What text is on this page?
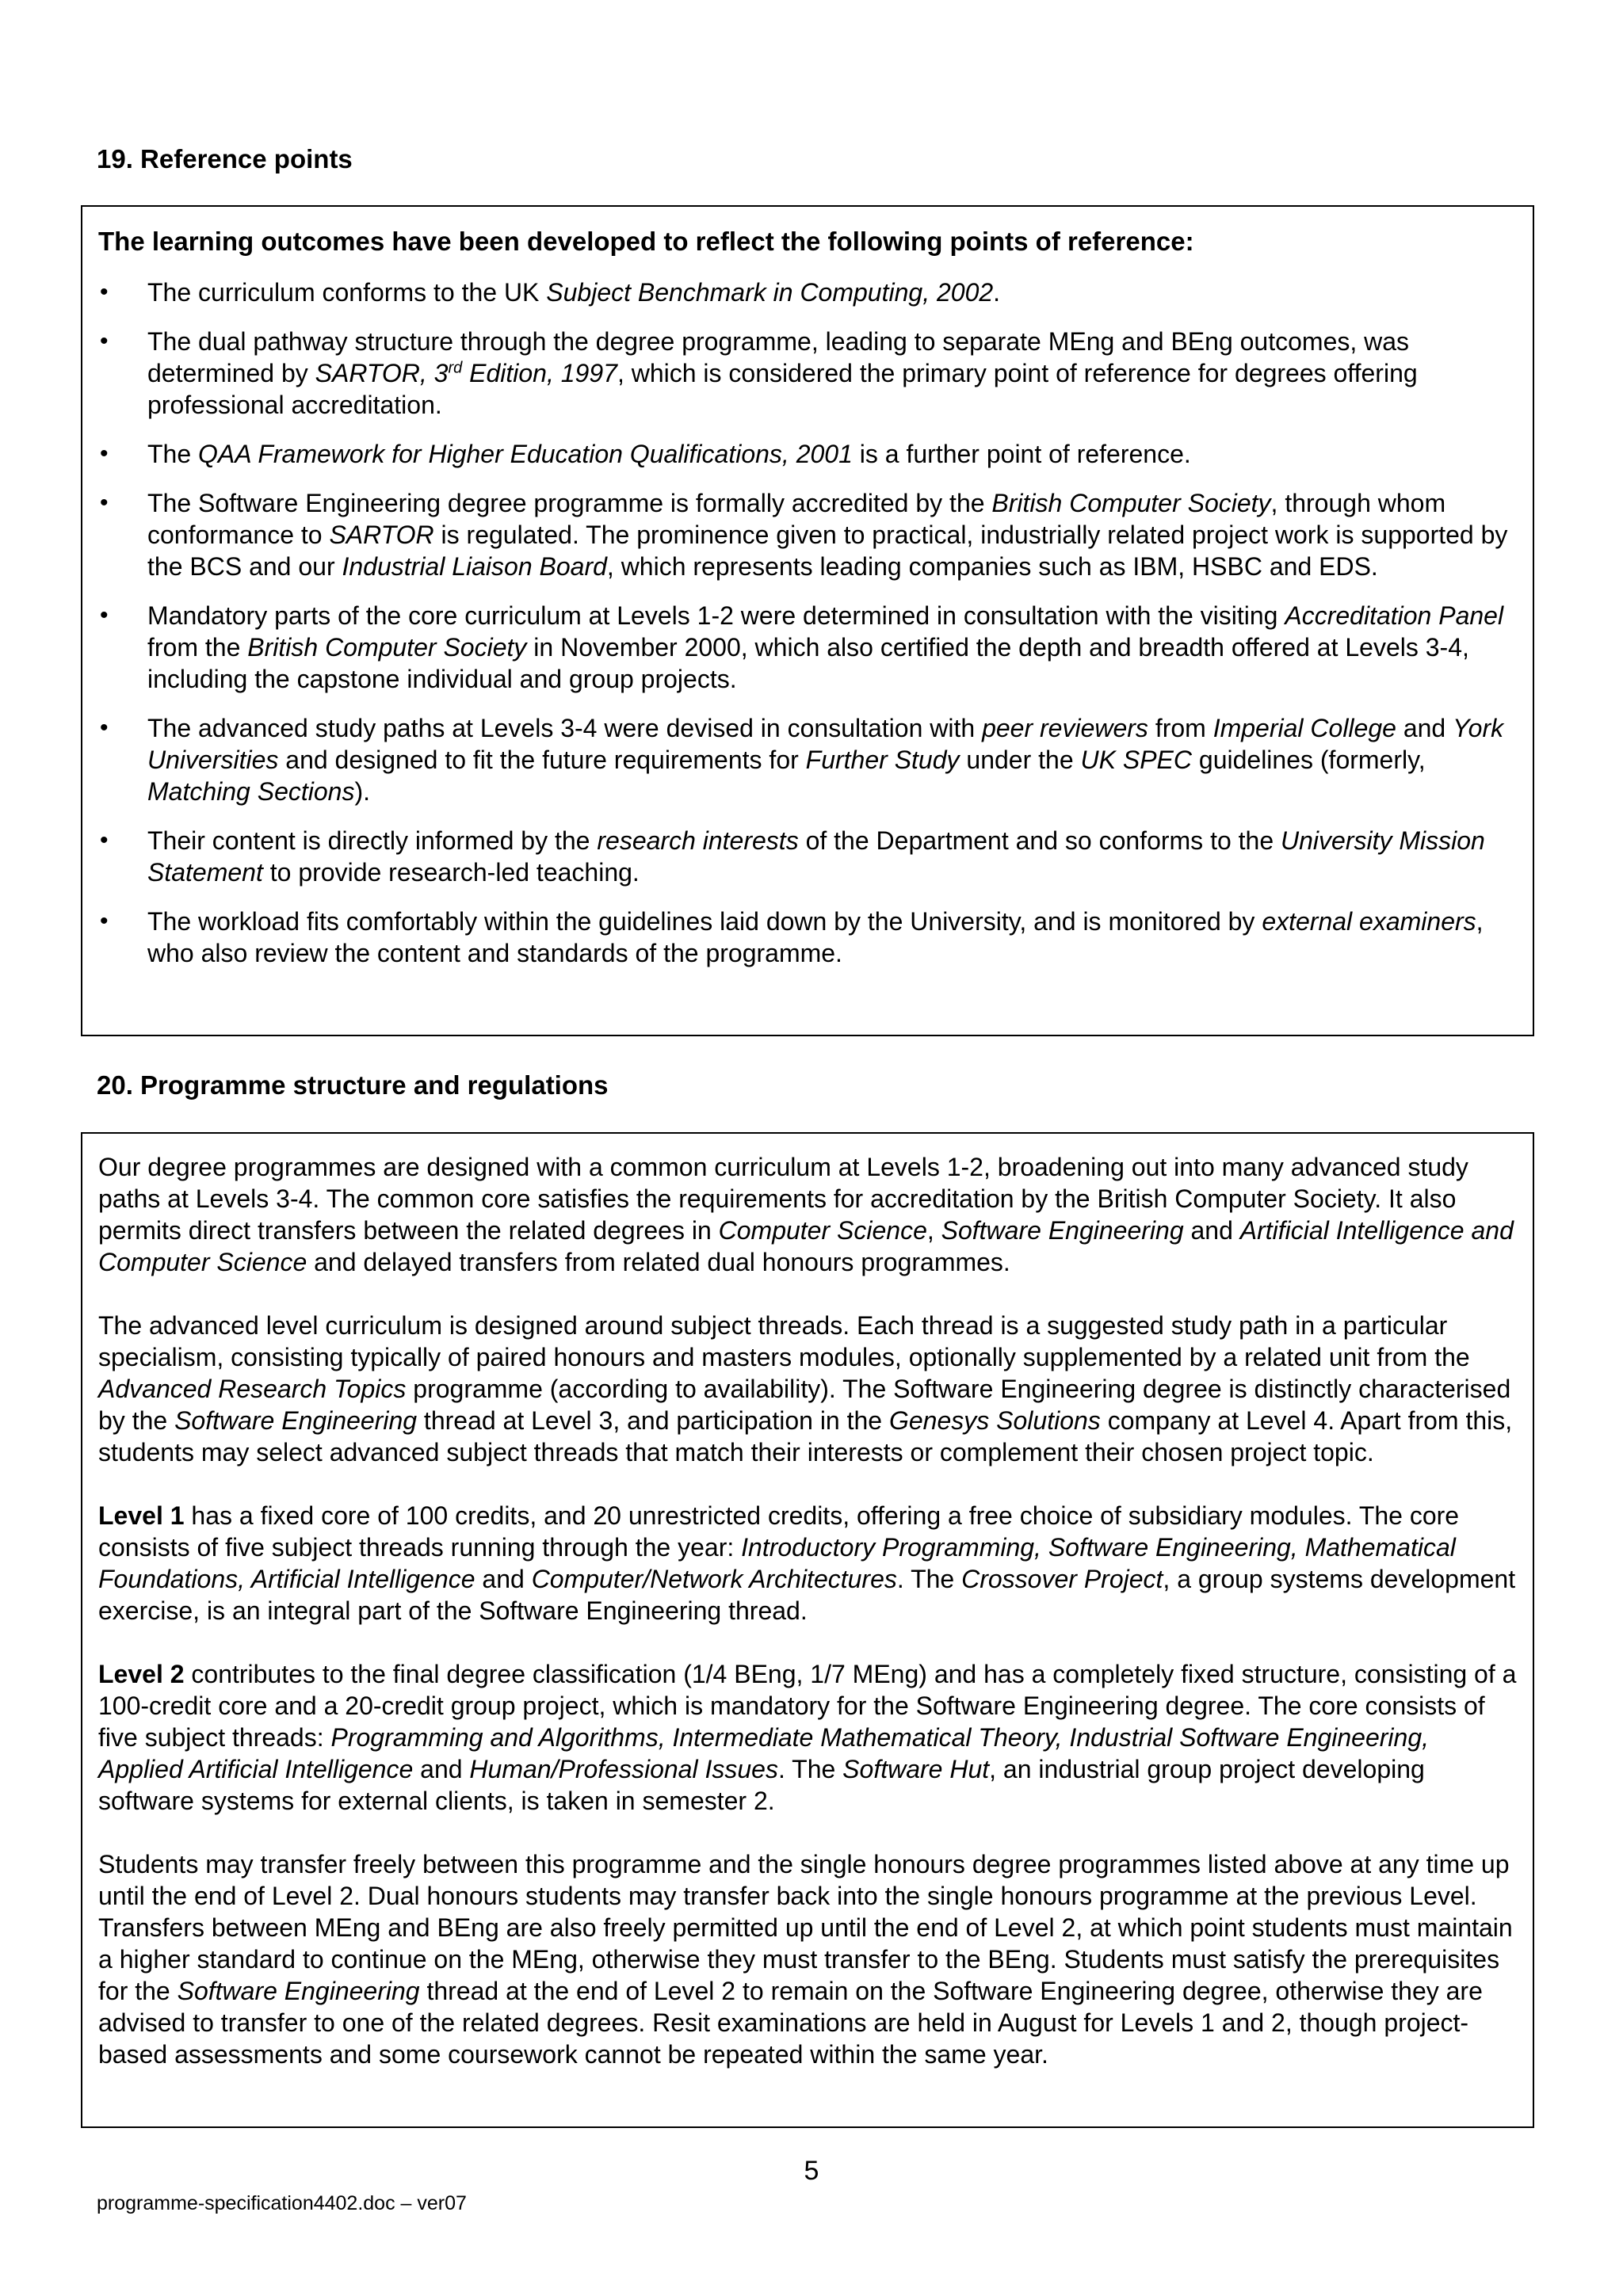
19. Reference points

The learning outcomes have been developed to reflect the following points of reference:

• The curriculum conforms to the UK Subject Benchmark in Computing, 2002.
• The dual pathway structure through the degree programme, leading to separate MEng and BEng outcomes, was determined by SARTOR, 3rd Edition, 1997, which is considered the primary point of reference for degrees offering professional accreditation.
• The QAA Framework for Higher Education Qualifications, 2001 is a further point of reference.
• The Software Engineering degree programme is formally accredited by the British Computer Society, through whom conformance to SARTOR is regulated. The prominence given to practical, industrially related project work is supported by the BCS and our Industrial Liaison Board, which represents leading companies such as IBM, HSBC and EDS.
• Mandatory parts of the core curriculum at Levels 1-2 were determined in consultation with the visiting Accreditation Panel from the British Computer Society in November 2000, which also certified the depth and breadth offered at Levels 3-4, including the capstone individual and group projects.
• The advanced study paths at Levels 3-4 were devised in consultation with peer reviewers from Imperial College and York Universities and designed to fit the future requirements for Further Study under the UK SPEC guidelines (formerly, Matching Sections).
• Their content is directly informed by the research interests of the Department and so conforms to the University Mission Statement to provide research-led teaching.
• The workload fits comfortably within the guidelines laid down by the University, and is monitored by external examiners, who also review the content and standards of the programme.
20. Programme structure and regulations

Our degree programmes are designed with a common curriculum at Levels 1-2, broadening out into many advanced study paths at Levels 3-4. The common core satisfies the requirements for accreditation by the British Computer Society. It also permits direct transfers between the related degrees in Computer Science, Software Engineering and Artificial Intelligence and Computer Science and delayed transfers from related dual honours programmes.

The advanced level curriculum is designed around subject threads. Each thread is a suggested study path in a particular specialism, consisting typically of paired honours and masters modules, optionally supplemented by a related unit from the Advanced Research Topics programme (according to availability). The Software Engineering degree is distinctly characterised by the Software Engineering thread at Level 3, and participation in the Genesys Solutions company at Level 4. Apart from this, students may select advanced subject threads that match their interests or complement their chosen project topic.

Level 1 has a fixed core of 100 credits, and 20 unrestricted credits, offering a free choice of subsidiary modules. The core consists of five subject threads running through the year: Introductory Programming, Software Engineering, Mathematical Foundations, Artificial Intelligence and Computer/Network Architectures. The Crossover Project, a group systems development exercise, is an integral part of the Software Engineering thread.

Level 2 contributes to the final degree classification (1/4 BEng, 1/7 MEng) and has a completely fixed structure, consisting of a 100-credit core and a 20-credit group project, which is mandatory for the Software Engineering degree. The core consists of five subject threads: Programming and Algorithms, Intermediate Mathematical Theory, Industrial Software Engineering, Applied Artificial Intelligence and Human/Professional Issues. The Software Hut, an industrial group project developing software systems for external clients, is taken in semester 2.

Students may transfer freely between this programme and the single honours degree programmes listed above at any time up until the end of Level 2. Dual honours students may transfer back into the single honours programme at the previous Level. Transfers between MEng and BEng are also freely permitted up until the end of Level 2, at which point students must maintain a higher standard to continue on the MEng, otherwise they must transfer to the BEng. Students must satisfy the prerequisites for the Software Engineering thread at the end of Level 2 to remain on the Software Engineering degree, otherwise they are advised to transfer to one of the related degrees. Resit examinations are held in August for Levels 1 and 2, though project-based assessments and some coursework cannot be repeated within the same year.

5
programme-specification4402.doc – ver07
